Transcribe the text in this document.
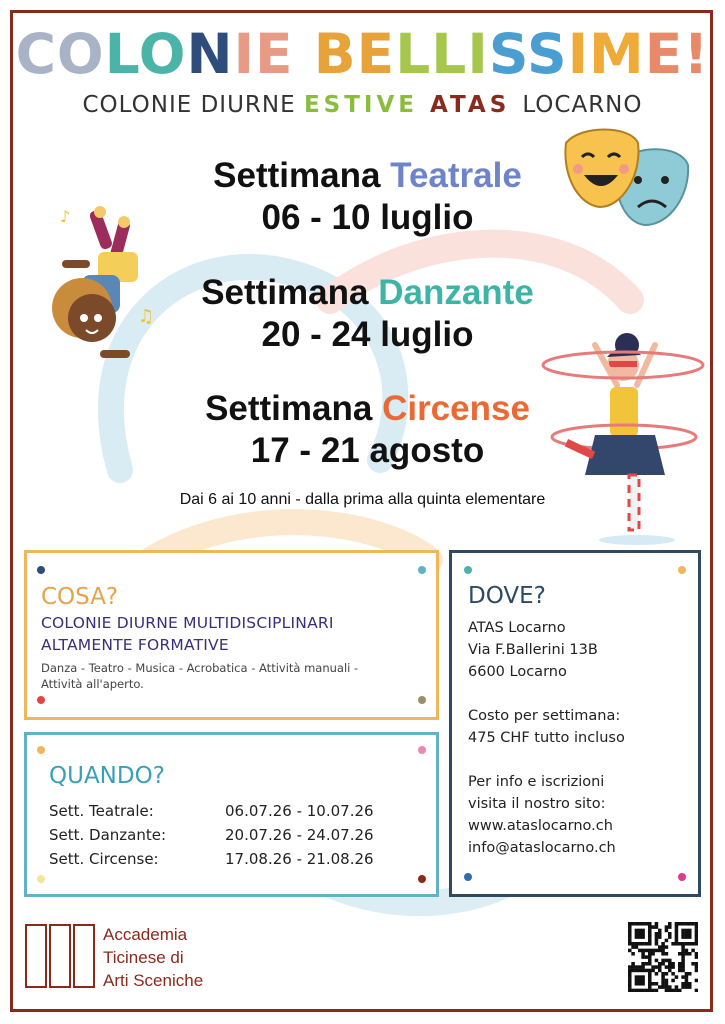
COLONIE BELLISSIME!
COLONIE DIURNE ESTIVE ATAS LOCARNO
Settimana Teatrale
06 - 10 luglio
Settimana Danzante
20 - 24 luglio
Settimana Circense
17 - 21 agosto
Dai 6 ai 10 anni - dalla prima alla quinta elementare
♪
♫
COSA?
COLONIE DIURNE MULTIDISCIPLINARI
ALTAMENTE FORMATIVE
Danza - Teatro - Musica - Acrobatica - Attività manuali -
Attività all'aperto.
QUANDO?
Sett. Teatrale:	06.07.26 - 10.07.26
Sett. Danzante:	20.07.26 - 24.07.26
Sett. Circense:	17.08.26 - 21.08.26
DOVE?
ATAS Locarno
Via F.Ballerini 13B
6600 Locarno
Costo per settimana:
475 CHF tutto incluso
Per info e iscrizioni
visita il nostro sito:
www.ataslocarno.ch
info@ataslocarno.ch
Accademia
Ticinese di
Arti Sceniche
